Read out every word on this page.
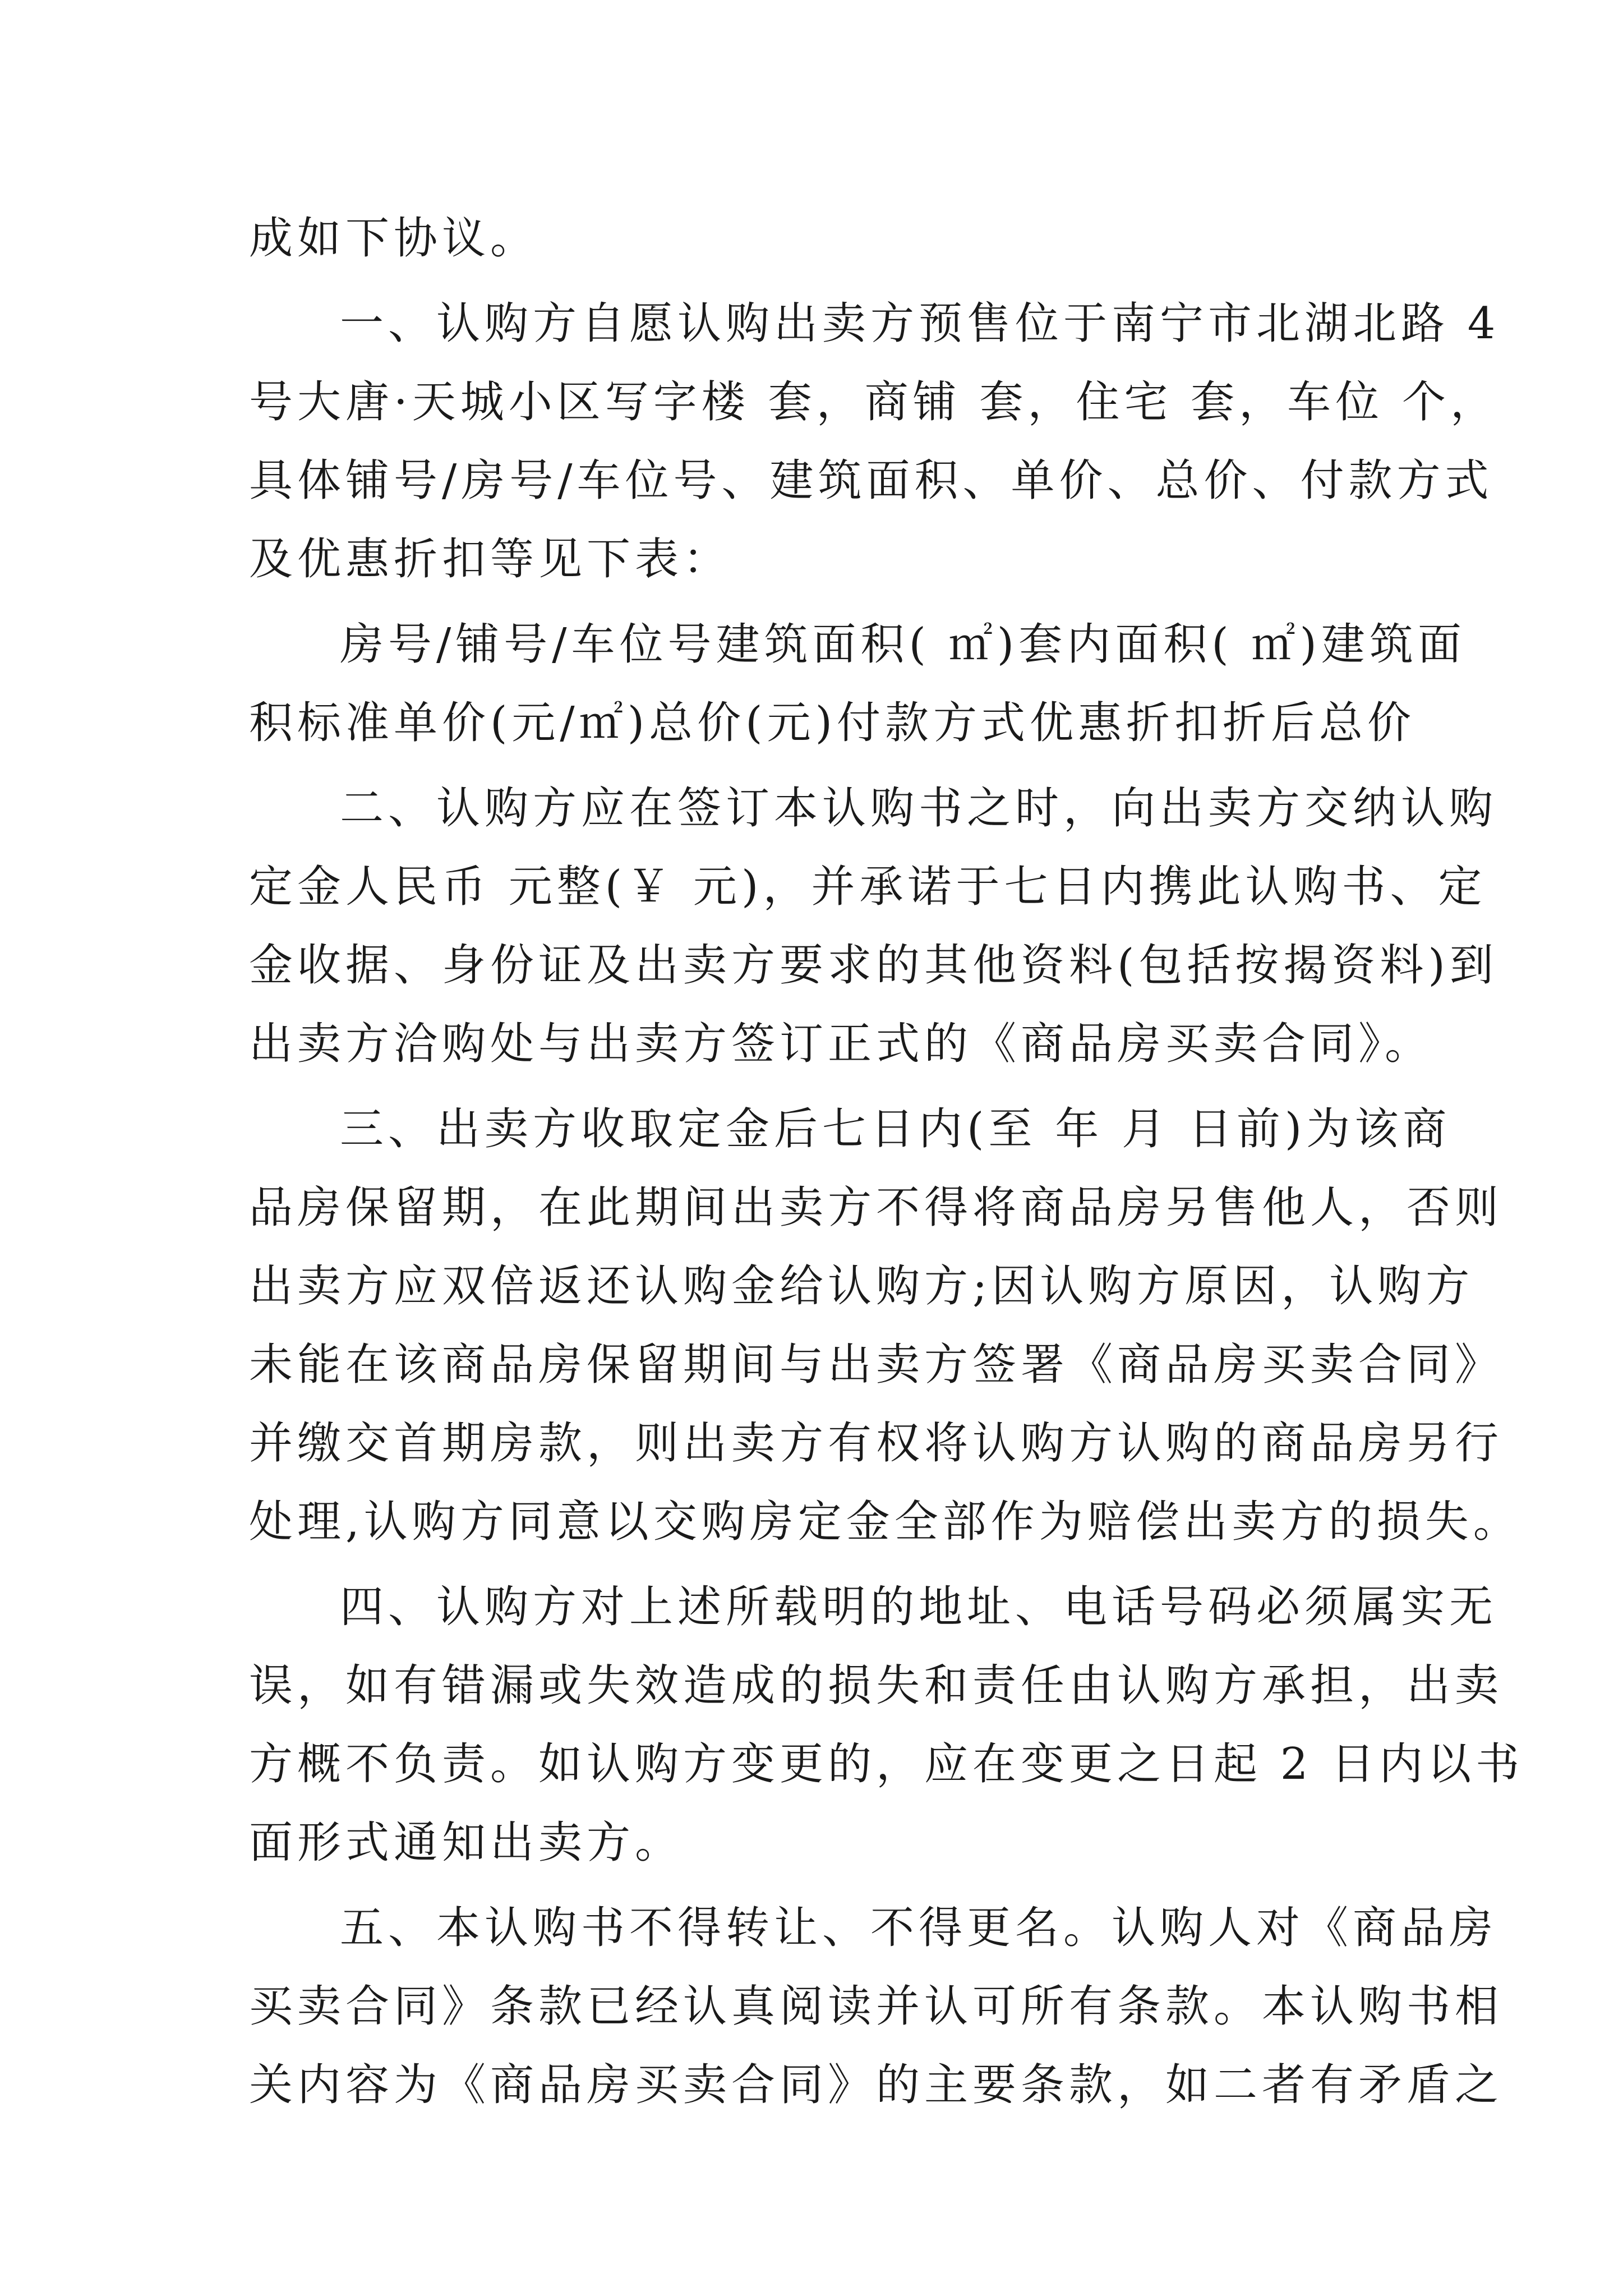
成如下协议。
一、认购方自愿认购出卖方预售位于南宁市北湖北路 4
号大唐·天城小区写字楼 套，商铺 套，住宅 套，车位 个，
具体铺号/房号/车位号、建筑面积、单价、总价、付款方式
及优惠折扣等见下表：
房号/铺号/车位号建筑面积( ㎡)套内面积( ㎡)建筑面
积标准单价(元/㎡)总价(元)付款方式优惠折扣折后总价
二、认购方应在签订本认购书之时，向出卖方交纳认购
定金人民币 元整(￥ 元)，并承诺于七日内携此认购书、定
金收据、身份证及出卖方要求的其他资料(包括按揭资料)到
出卖方洽购处与出卖方签订正式的《商品房买卖合同》。
三、出卖方收取定金后七日内(至 年 月 日前)为该商
品房保留期，在此期间出卖方不得将商品房另售他人，否则
出卖方应双倍返还认购金给认购方;因认购方原因，认购方
未能在该商品房保留期间与出卖方签署《商品房买卖合同》
并缴交首期房款，则出卖方有权将认购方认购的商品房另行
处理,认购方同意以交购房定金全部作为赔偿出卖方的损失。
四、认购方对上述所载明的地址、电话号码必须属实无
误，如有错漏或失效造成的损失和责任由认购方承担，出卖
方概不负责。如认购方变更的，应在变更之日起 2 日内以书
面形式通知出卖方。
五、本认购书不得转让、不得更名。认购人对《商品房
买卖合同》条款已经认真阅读并认可所有条款。本认购书相
关内容为《商品房买卖合同》的主要条款，如二者有矛盾之
